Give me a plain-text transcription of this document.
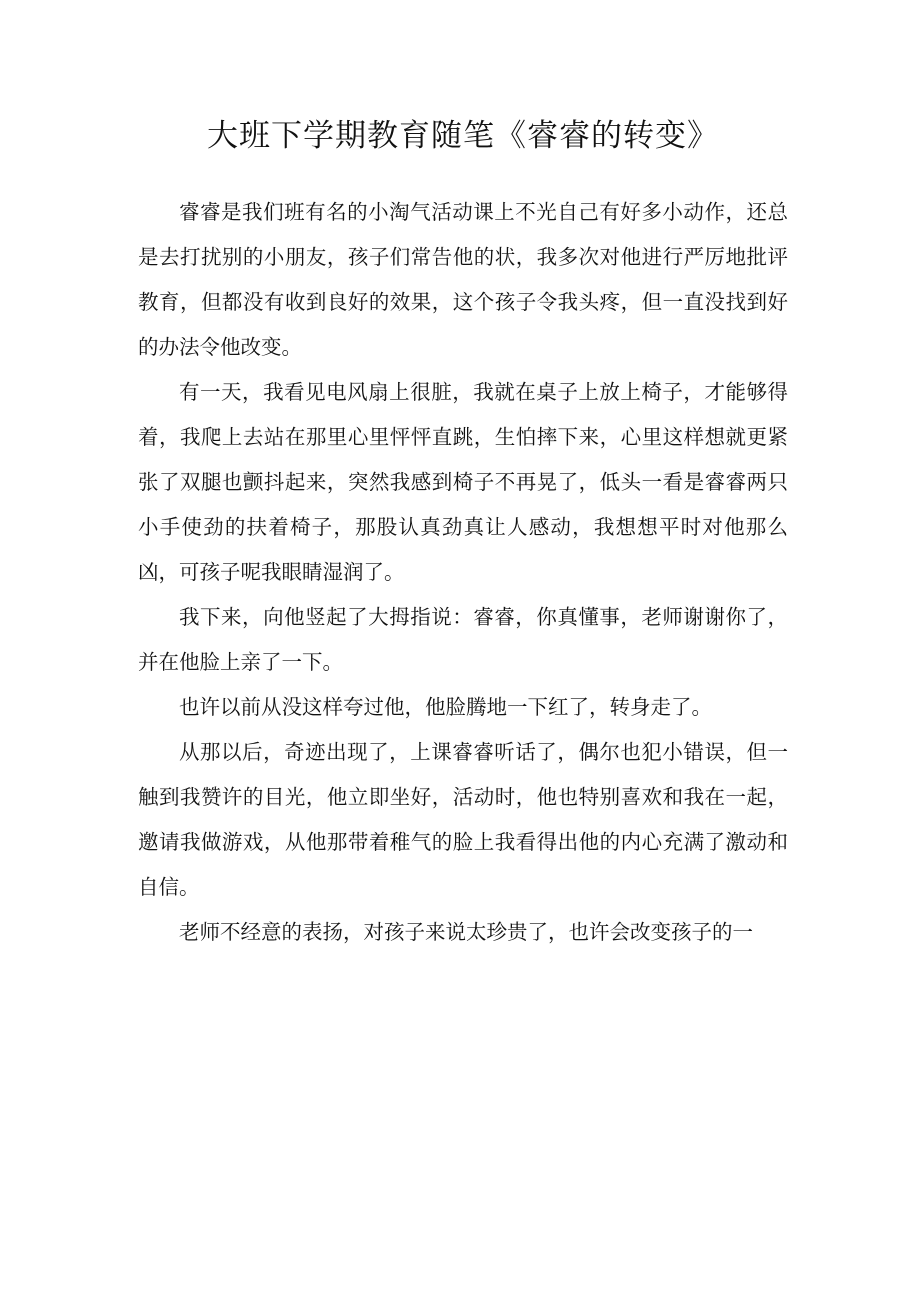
大班下学期教育随笔《睿睿的转变》

睿睿是我们班有名的小淘气活动课上不光自己有好多小动作，还总是去打扰别的小朋友，孩子们常告他的状，我多次对他进行严厉地批评教育，但都没有收到良好的效果，这个孩子令我头疼，但一直没找到好的办法令他改变。

有一天，我看见电风扇上很脏，我就在桌子上放上椅子，才能够得着，我爬上去站在那里心里怦怦直跳，生怕摔下来，心里这样想就更紧张了双腿也颤抖起来，突然我感到椅子不再晃了，低头一看是睿睿两只小手使劲的扶着椅子，那股认真劲真让人感动，我想想平时对他那么凶，可孩子呢我眼睛湿润了。

我下来，向他竖起了大拇指说：睿睿，你真懂事，老师谢谢你了，并在他脸上亲了一下。

也许以前从没这样夸过他，他脸腾地一下红了，转身走了。

从那以后，奇迹出现了，上课睿睿听话了，偶尔也犯小错误，但一触到我赞许的目光，他立即坐好，活动时，他也特别喜欢和我在一起，邀请我做游戏，从他那带着稚气的脸上我看得出他的内心充满了激动和自信。

老师不经意的表扬，对孩子来说太珍贵了，也许会改变孩子的一
